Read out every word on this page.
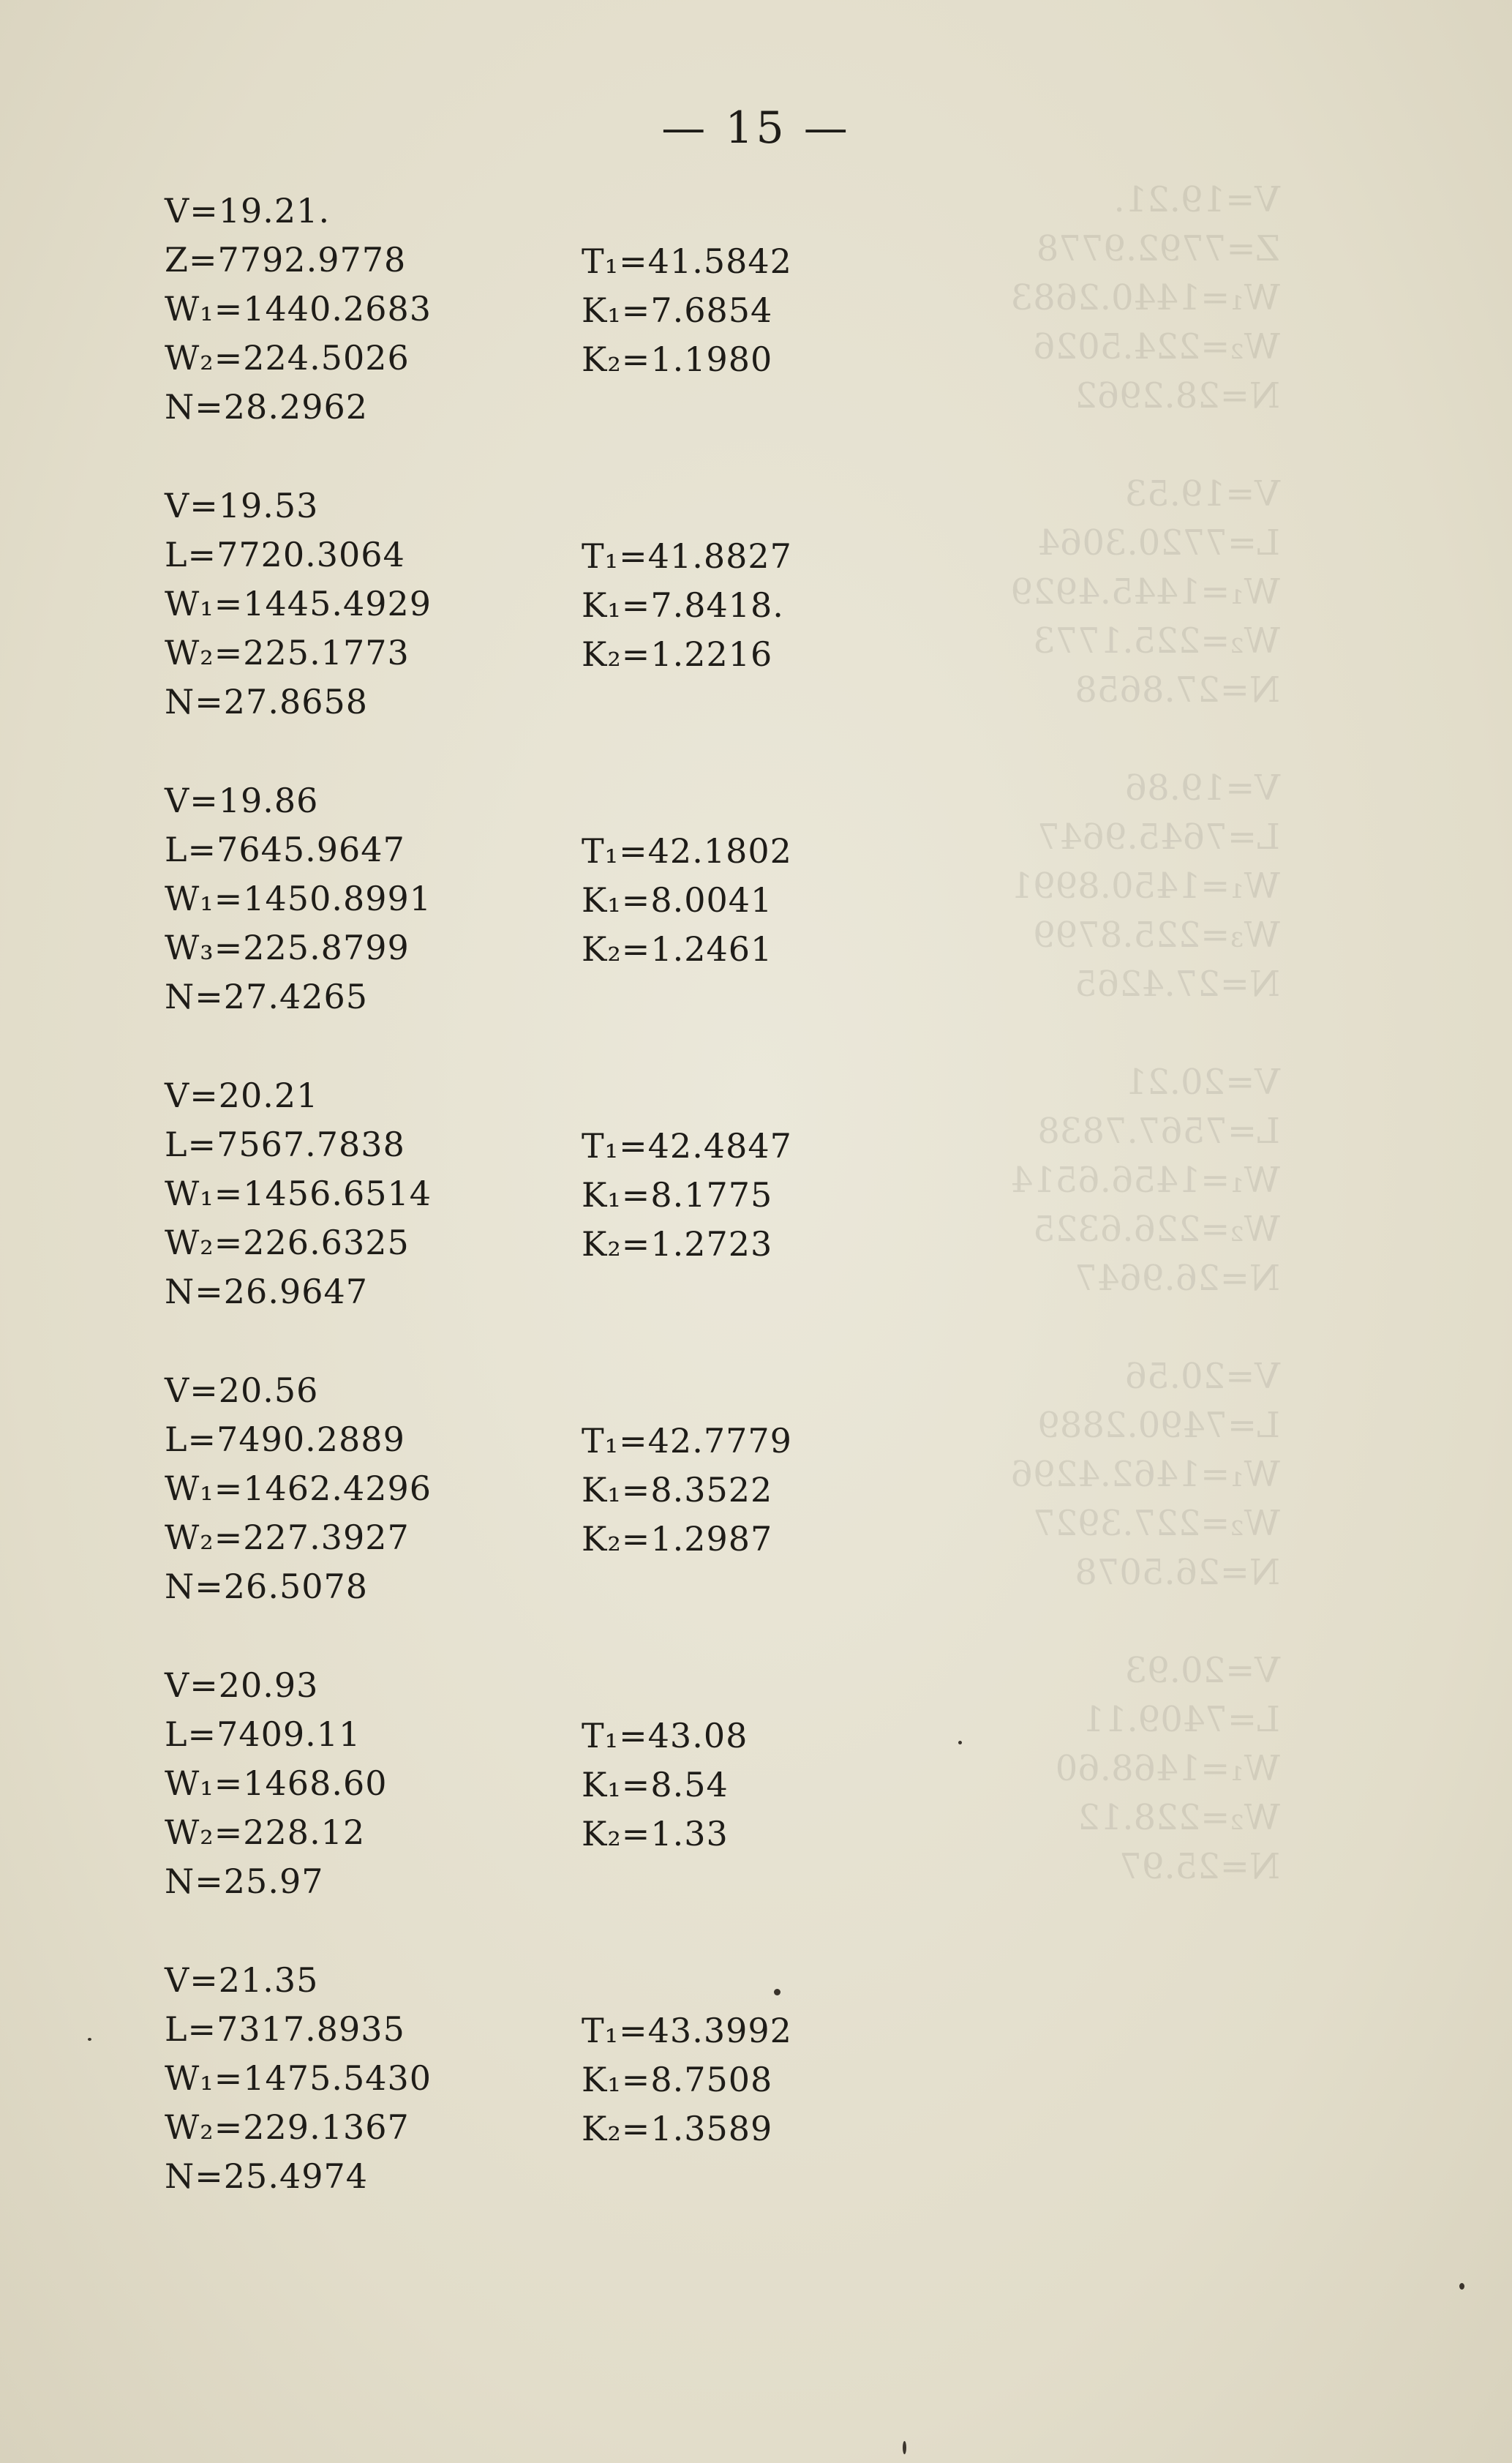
V=19.21.
Z=7792.9778
W₁=1440.2683
W₂=224.5026
N=28.2962

V=19.53
L=7720.3064
W₁=1445.4929
W₂=225.1773
N=27.8658

V=19.86
L=7645.9647
W₁=1450.8991
W₃=225.8799
N=27.4265

V=20.21
L=7567.7838
W₁=1456.6514
W₂=226.6325
N=26.9647

V=20.56
L=7490.2889
W₁=1462.4296
W₂=227.3927
N=26.5078

V=20.93
L=7409.11
W₁=1468.60
W₂=228.12
N=25.97
— 15 —
V=19.21.
Z=7792.9778
W₁=1440.2683
W₂=224.5026
N=28.2962
T₁=41.5842
K₁=7.6854
K₂=1.1980
V=19.53
L=7720.3064
W₁=1445.4929
W₂=225.1773
N=27.8658
T₁=41.8827
K₁=7.8418.
K₂=1.2216
V=19.86
L=7645.9647
W₁=1450.8991
W₃=225.8799
N=27.4265
T₁=42.1802
K₁=8.0041
K₂=1.2461
V=20.21
L=7567.7838
W₁=1456.6514
W₂=226.6325
N=26.9647
T₁=42.4847
K₁=8.1775
K₂=1.2723
V=20.56
L=7490.2889
W₁=1462.4296
W₂=227.3927
N=26.5078
T₁=42.7779
K₁=8.3522
K₂=1.2987
V=20.93
L=7409.11
W₁=1468.60
W₂=228.12
N=25.97
T₁=43.08
K₁=8.54
K₂=1.33
V=21.35
L=7317.8935
W₁=1475.5430
W₂=229.1367
N=25.4974
T₁=43.3992
K₁=8.7508
K₂=1.3589
